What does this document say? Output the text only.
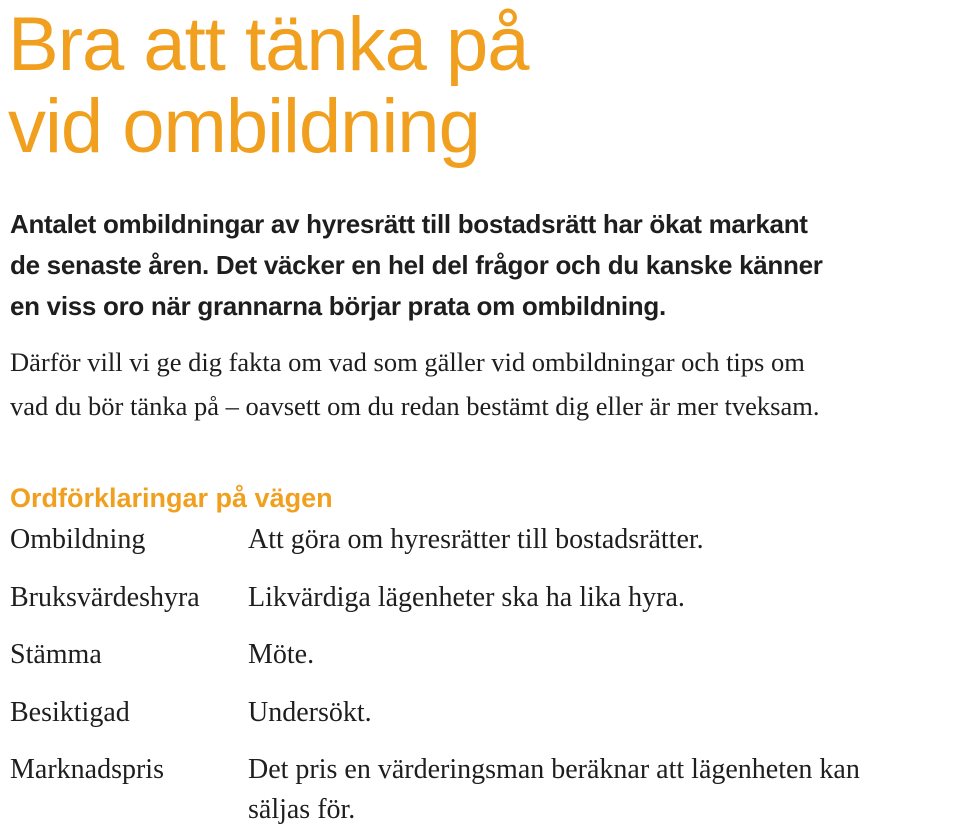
Bra att tänka på
vid ombildning

Antalet ombildningar av hyresrätt till bostadsrätt har ökat markant
de senaste åren. Det väcker en hel del frågor och du kanske känner
en viss oro när grannarna börjar prata om ombildning.

Därför vill vi ge dig fakta om vad som gäller vid ombildningar och tips om
vad du bör tänka på – oavsett om du redan bestämt dig eller är mer tveksam.

Ordförklaringar på vägen
Ombildning	Att göra om hyresrätter till bostadsrätter.
Bruksvärdeshyra Likvärdiga lägenheter ska ha lika hyra.
Stämma	Möte.
Besiktigad	Undersökt.
Marknadspris	Det pris en värderingsman beräknar att lägenheten kan säljas för.
